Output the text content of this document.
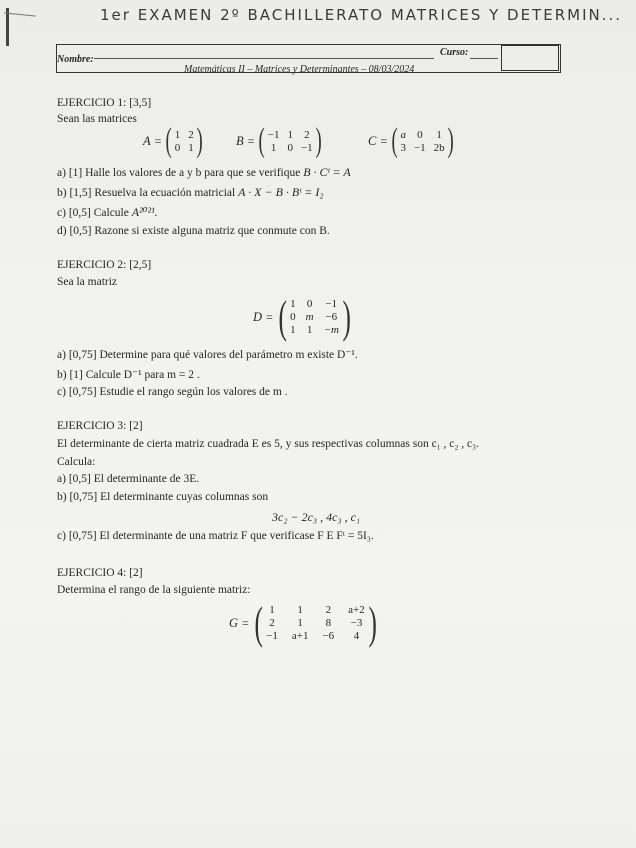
1er EXAMEN 2º BACHILLERATO MATRICES Y DETERMIN...
Nombre:
Curso:
Matemáticas II – Matrices y Determinantes – 08/03/2024
EJERCICIO 1: [3,5]
Sean las matrices
A = ( 1 2
0 1 )	B = ( −1 1 2
1 0 −1 )	C = ( a 0 1
3 −1 2b )
a) [1] Halle los valores de a y b para que se verifique B · Cᵗ = A
b) [1,5] Resuelva la ecuación matricial A · X − B · Bᵗ = I₂
c) [0,5] Calcule A²⁰²¹.
d) [0,5] Razone si existe alguna matriz que conmute con B.
EJERCICIO 2: [2,5]
Sea la matriz
D = ( 1 0 −1
0 m −6
1 1 −m )
a) [0,75] Determine para qué valores del parámetro m existe D⁻¹.
b) [1] Calcule D⁻¹ para m = 2 .
c) [0,75] Estudie el rango según los valores de m .
EJERCICIO 3: [2]
El determinante de cierta matriz cuadrada E es 5, y sus respectivas columnas son c₁ , c₂ , c₃.
Calcula:
a) [0,5] El determinante de 3E.
b) [0,75] El determinante cuyas columnas son
3c₂ − 2c₃ , 4c₃ , c₁
c) [0,75] El determinante de una matriz F que verificase F E Fᵗ = 5I₃.
EJERCICIO 4: [2]
Determina el rango de la siguiente matriz:
G = ( 1	1	2 a+2
2	1	8 −3
−1 a+1 −6	4 )
